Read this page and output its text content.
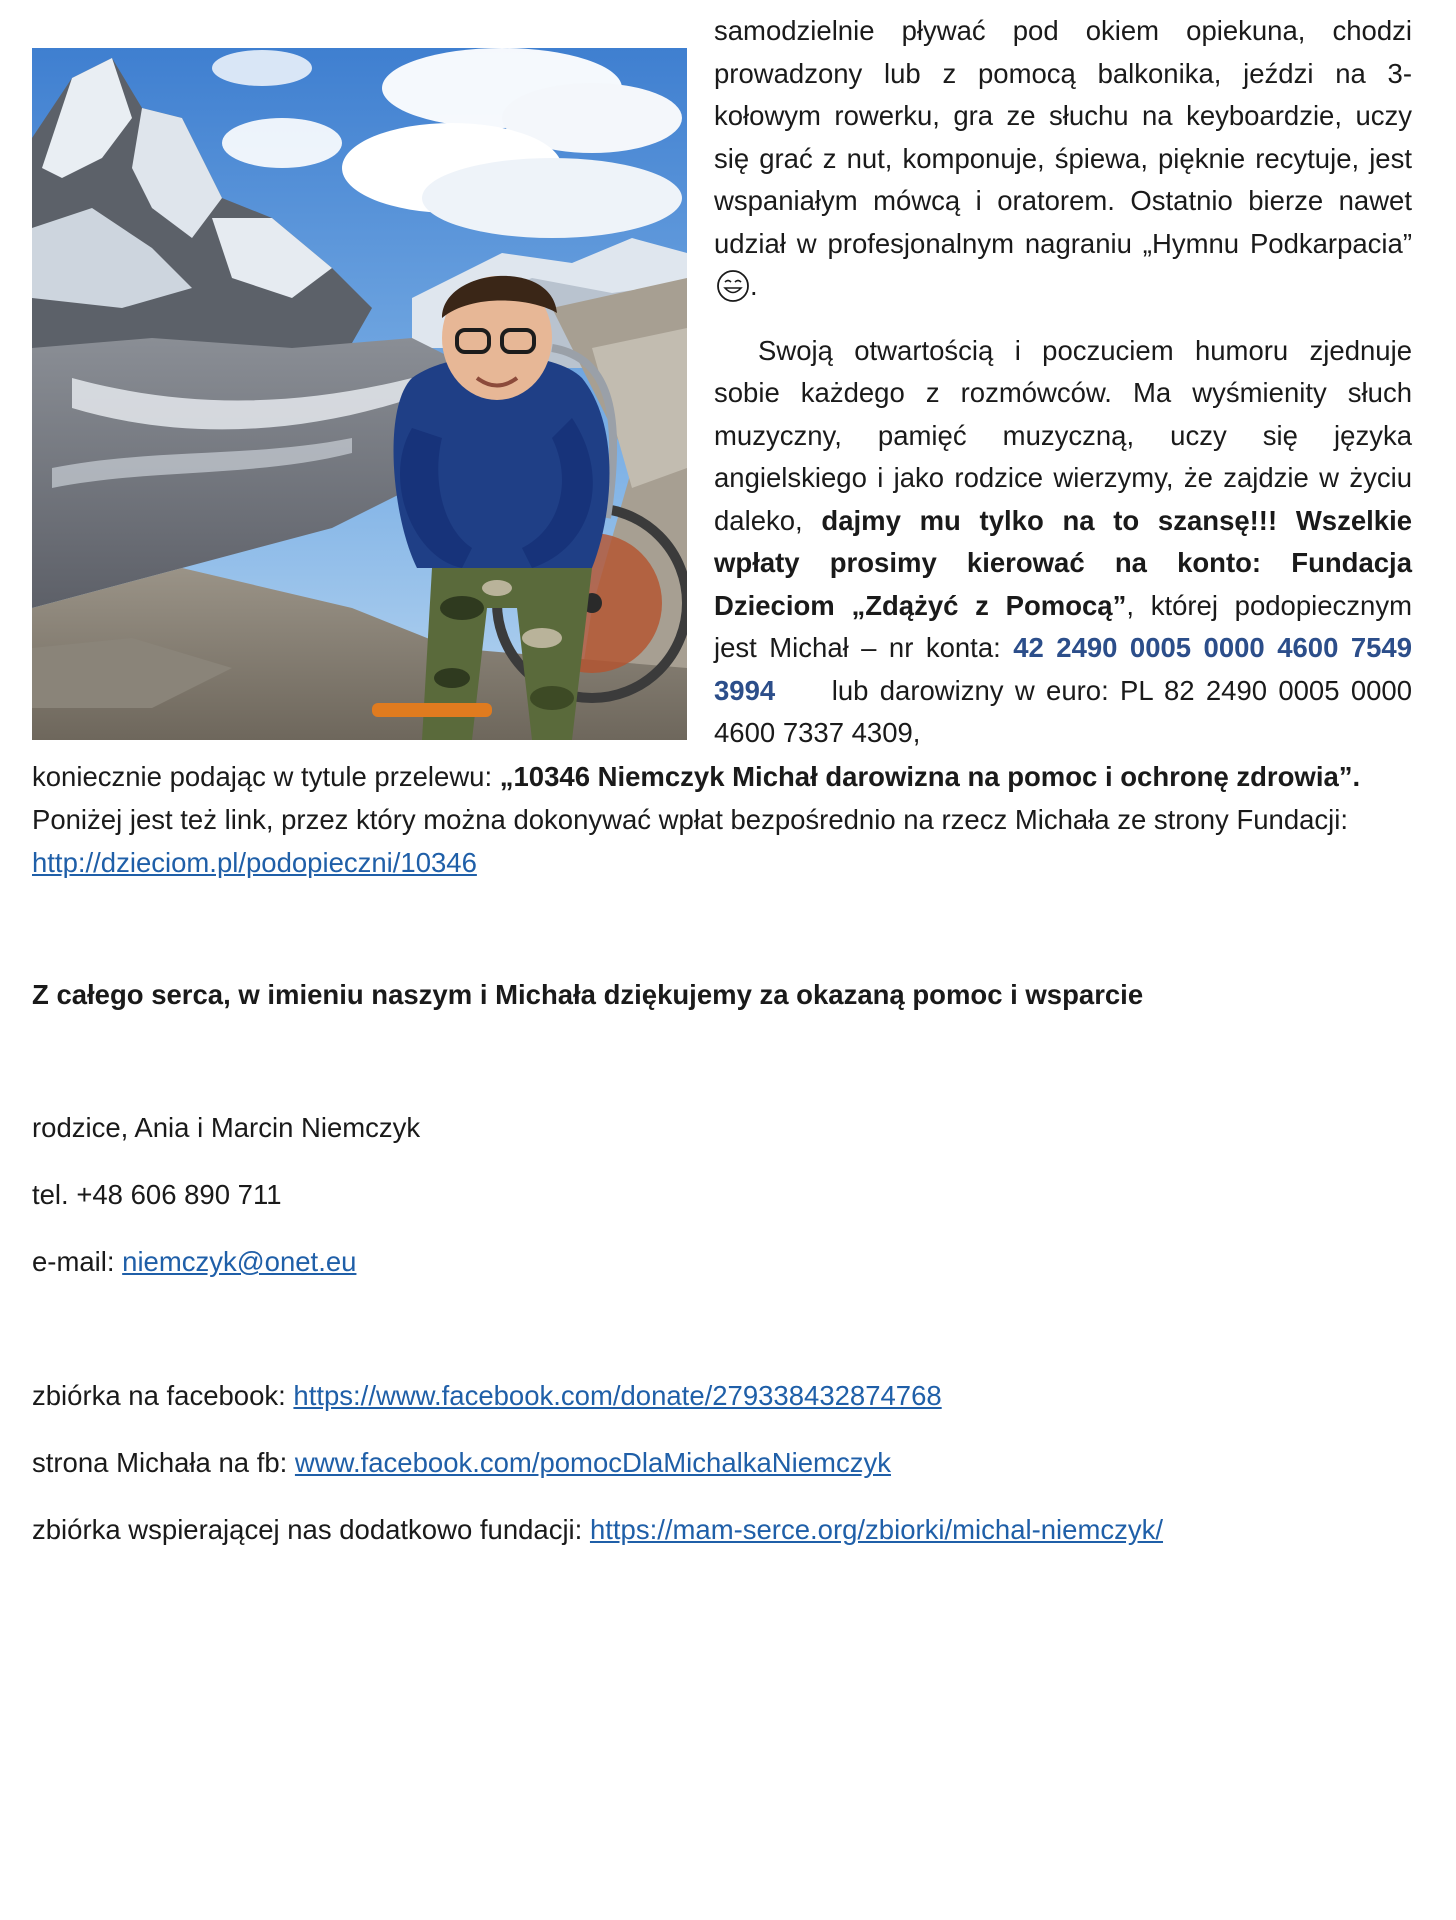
samodzielnie pływać pod okiem opiekuna, chodzi prowadzony lub z pomocą balkonika, jeździ na 3- kołowym rowerku, gra ze słuchu na keyboardzie, uczy się grać z nut, komponuje, śpiewa, pięknie recytuje, jest wspaniałym mówcą i oratorem. Ostatnio bierze nawet udział w profesjonalnym nagraniu „Hymnu Podkarpacia”.

Swoją otwartością i poczuciem humoru zjednuje sobie każdego z rozmówców. Ma wyśmienity słuch muzyczny, pamięć muzyczną, uczy się języka angielskiego i jako rodzice wierzymy, że zajdzie w życiu daleko, dajmy mu tylko na to szansę!!! Wszelkie wpłaty prosimy kierować na konto: Fundacja Dzieciom „Zdążyć z Pomocą”, której podopiecznym jest Michał – nr konta: 42 2490 0005 0000 4600 7549 3994 lub darowizny w euro: PL 82 2490 0005 0000 4600 7337 4309,

koniecznie podając w tytule przelewu: „10346 Niemczyk Michał darowizna na pomoc i ochronę zdrowia”.

Poniżej jest też link, przez który można dokonywać wpłat bezpośrednio na rzecz Michała ze strony Fundacji:

http://dzieciom.pl/podopieczni/10346

Z całego serca, w imieniu naszym i Michała dziękujemy za okazaną pomoc i wsparcie

rodzice, Ania i Marcin Niemczyk

tel. +48 606 890 711

e-mail: niemczyk@onet.eu

zbiórka na facebook: https://www.facebook.com/donate/279338432874768

strona Michała na fb: www.facebook.com/pomocDlaMichalkaNiemczyk

zbiórka wspierającej nas dodatkowo fundacji: https://mam-serce.org/zbiorki/michal-niemczyk/
